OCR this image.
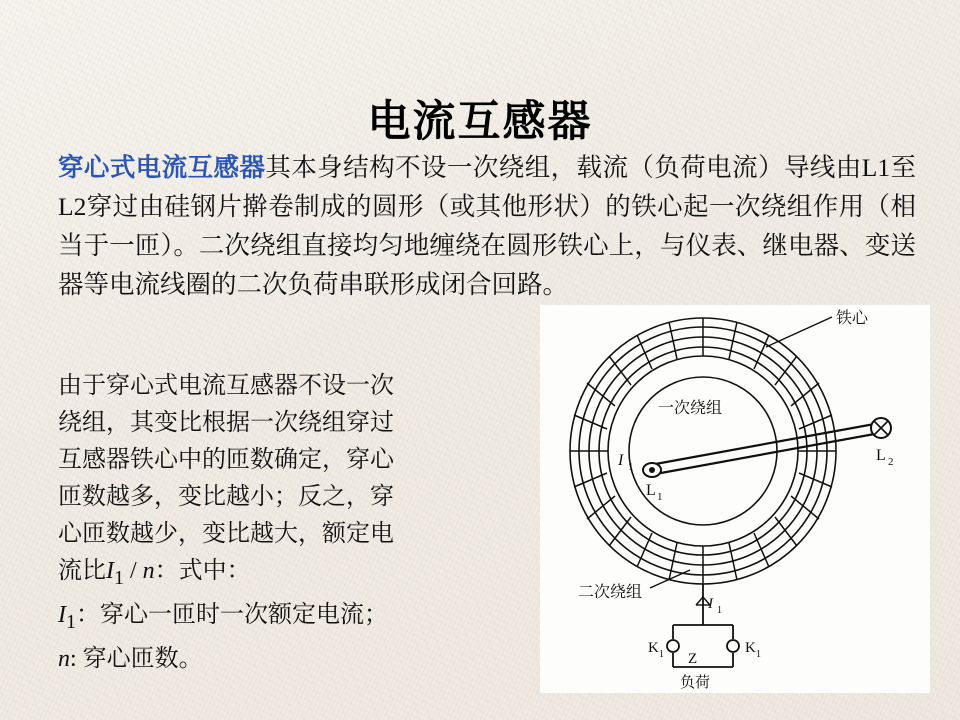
电流互感器
穿心式电流互感器其本身结构不设一次绕组，载流（负荷电流）导线由L1至L2穿过由硅钢片擀卷制成的圆形（或其他形状）的铁心起一次绕组作用（相当于一匝）。二次绕组直接均匀地缠绕在圆形铁心上，与仪表、继电器、变送器等电流线圈的二次负荷串联形成闭合回路。
由于穿心式电流互感器不设一次
绕组，其变比根据一次绕组穿过
互感器铁心中的匝数确定，穿心
匝数越多，变比越小；反之，穿
心匝数越少，变比越大，额定电
流比$I_1$ / n：式中：
$I_1$：穿心一匝时一次额定电流；
n: 穿心匝数。
铁心
一次绕组
二次绕组
I 1
L 1
L 2
K 1	K 1
Z
负荷
I 1
